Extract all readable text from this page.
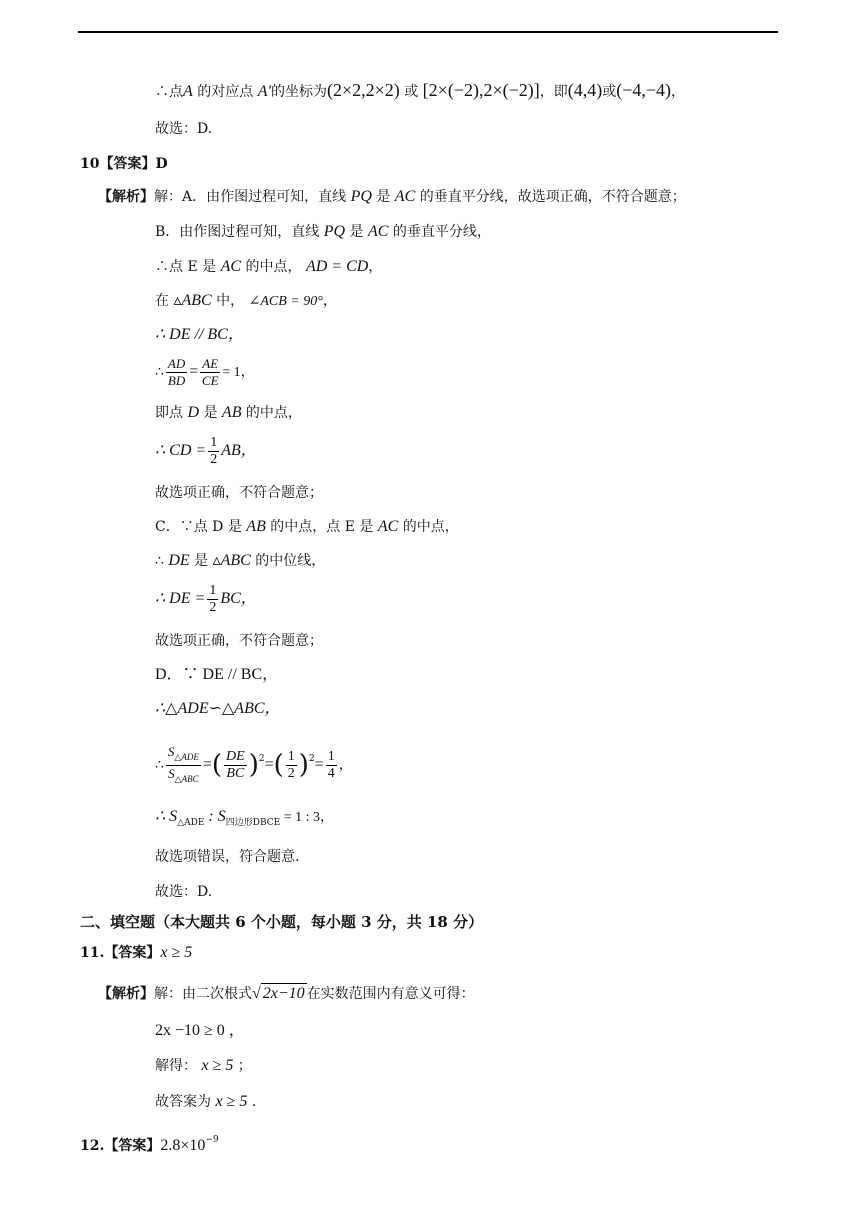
∴点A 的对应点 A′的坐标为(2×2,2×2) 或 [2×(−2),2×(−2)]，即(4,4)或(−4,−4)，
故选：D.
10【答案】D
【解析】解：A．由作图过程可知，直线 PQ 是 AC 的垂直平分线，故选项正确，不符合题意；
B．由作图过程可知，直线 PQ 是 AC 的垂直平分线，
∴点 E 是 AC 的中点， AD = CD，
在 ▵ABC 中， ∠ACB = 90°，
∴ DE // BC，
∴ $\frac{AD}{BD} = \frac{AE}{CE} = 1$，
即点 D 是 AB 的中点，
∴ CD = $\frac{1}{2}$ AB，
故选项正确，不符合题意；
C．∵点 D 是 AB 的中点，点 E 是 AC 的中点，
∴ DE 是 ▵ABC 的中位线，
∴ DE = $\frac{1}{2}$ BC，
故选项正确，不符合题意；
D．∵ DE // BC，
∴△ADE∽△ABC，
∴ $\frac{S_{\triangle ADE}}{S_{\triangle ABC}}$ =( $\frac{DE}{BC} )^2=( \frac{1}{2} )^2= \frac{1}{4}$ ，
∴ $S_{\triangle ADE}$ : $S_{四边形DBCE} = 1$ : 3，
故选项错误，符合题意.
故选：D.
二、填空题（本大题共 6 个小题，每小题 3 分，共 18 分）
11.【答案】x ≥ 5
【解析】解：由二次根式√ 2x−10 在实数范围内有意义可得：
2x −10 ≥ 0 ，
解得： x ≥ 5 ；
故答案为 x ≥ 5 .
12.【答案】$2.8\times 10^{-9}$
